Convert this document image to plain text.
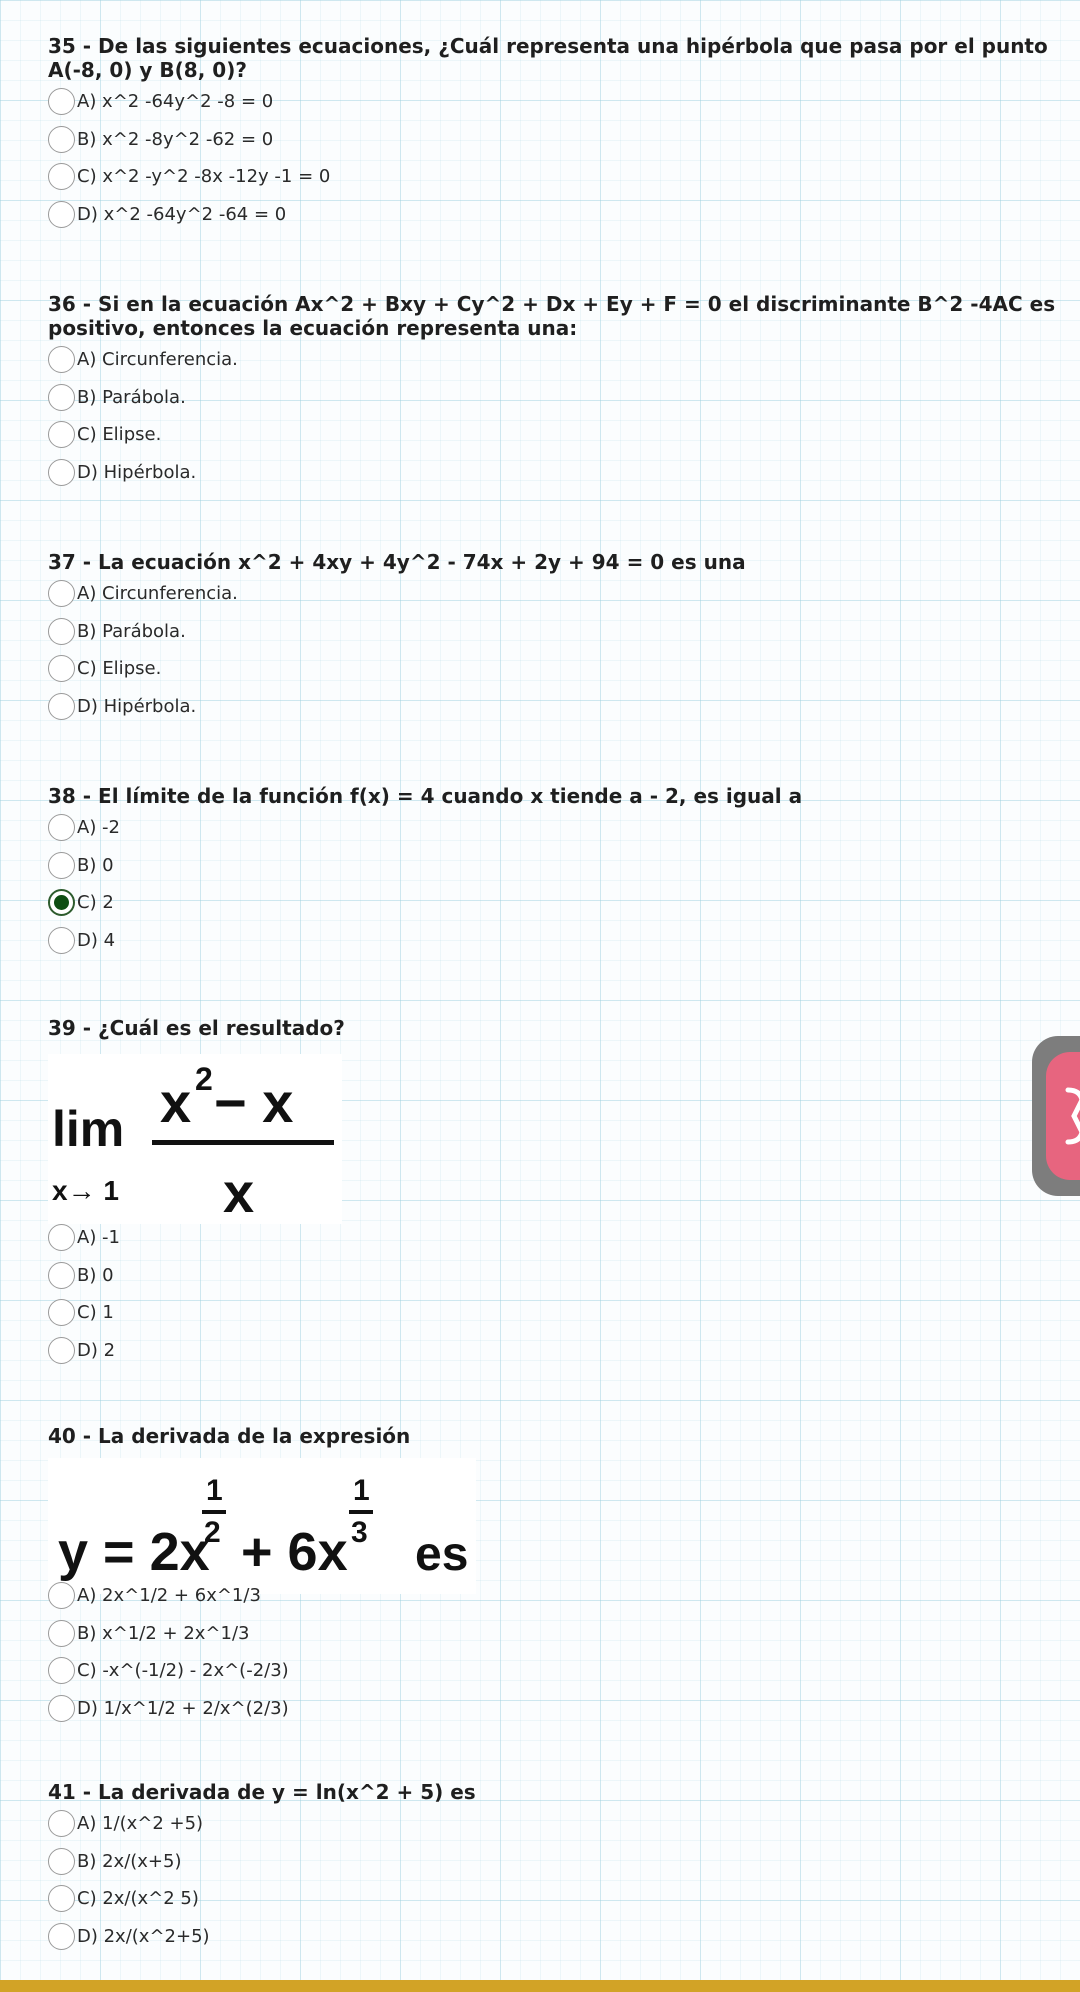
35 - De las siguientes ecuaciones, ¿Cuál representa una hipérbola que pasa por el punto A(-8, 0) y B(8, 0)?

A) x^2 -64y^2 -8 = 0
B) x^2 -8y^2 -62 = 0
C) x^2 -y^2 -8x -12y -1 = 0
D) x^2 -64y^2 -64 = 0

36 - Si en la ecuación Ax^2 + Bxy + Cy^2 + Dx + Ey + F = 0 el discriminante B^2 -4AC es positivo, entonces la ecuación representa una:

A) Circunferencia.
B) Parábola.
C) Elipse.
D) Hipérbola.

37 - La ecuación x^2 + 4xy + 4y^2 - 74x + 2y + 94 = 0 es una

A) Circunferencia.
B) Parábola.
C) Elipse.
D) Hipérbola.

38 - El límite de la función f(x) = 4 cuando x tiende a - 2, es igual a

A) -2
B) 0
C) 2
D) 4

39 - ¿Cuál es el resultado?

lim
x→ 1
x 2 − x
x
A) -1
B) 0
C) 1
D) 2

40 - La derivada de la expresión

y = 2x
1
2 + 6x
1
3 es
A) 2x^1/2 + 6x^1/3
B) x^1/2 + 2x^1/3
C) -x^(-1/2) - 2x^(-2/3)
D) 1/x^1/2 + 2/x^(2/3)

41 - La derivada de y = ln(x^2 + 5) es

A) 1/(x^2 +5)
B) 2x/(x+5)
C) 2x/(x^2 5)
D) 2x/(x^2+5)
